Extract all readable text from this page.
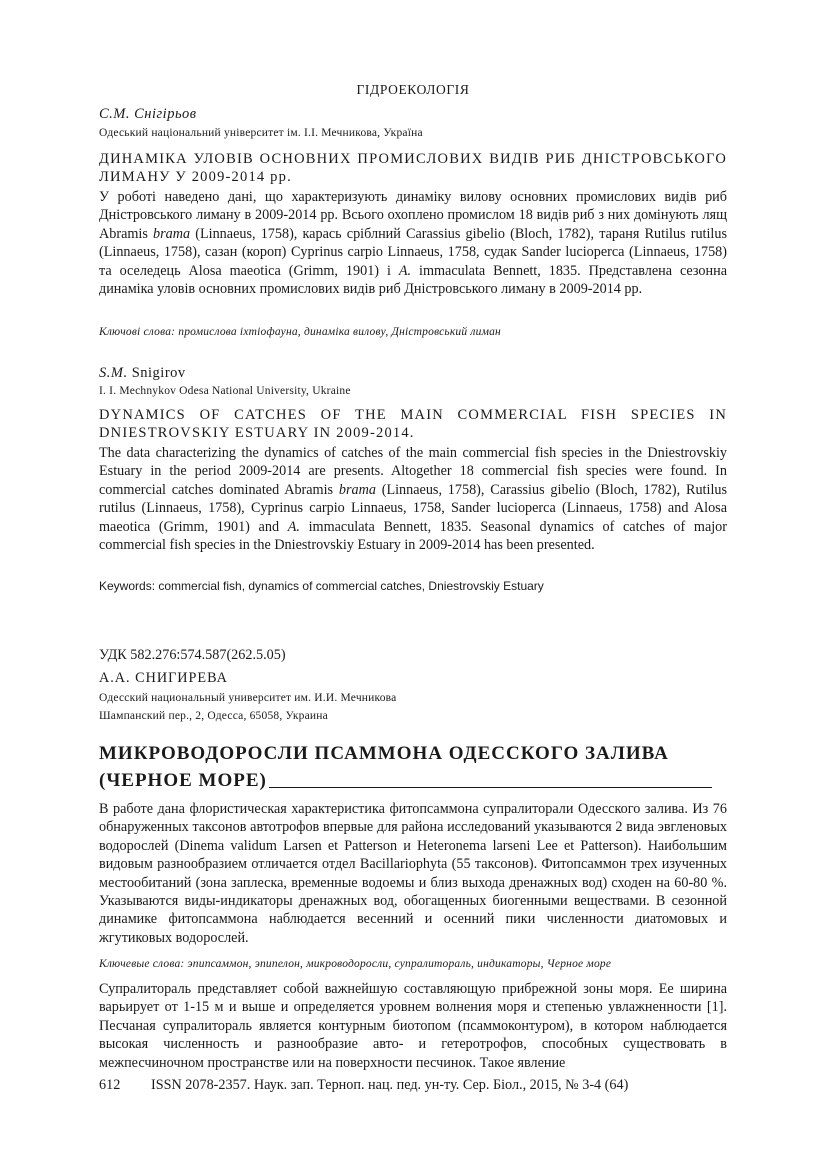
ГІДРОЕКОЛОГІЯ
С.М. Снігірьов
Одеський національний університет ім. І.І. Мечникова, Україна
ДИНАМІКА УЛОВІВ ОСНОВНИХ ПРОМИСЛОВИХ ВИДІВ РИБ ДНІСТРОВСЬКОГО ЛИМАНУ У 2009-2014 рр.
У роботі наведено дані, що характеризують динаміку вилову основних промислових видів риб Дністровського лиману в 2009-2014 рр. Всього охоплено промислом 18 видів риб з них домінують лящ Abramis brama (Linnaeus, 1758), карась сріблний Carassius gibelio (Bloch, 1782), тараня Rutilus rutilus (Linnaeus, 1758), сазан (короп) Cyprinus carpio Linnaeus, 1758, судак Sander lucioperca (Linnaeus, 1758) та оселедець Alosa maeotica (Grimm, 1901) і A. immaculata Bennett, 1835. Представлена сезонна динаміка уловів основних промислових видів риб Дністровського лиману в 2009-2014 рр.
Ключові слова: промислова іхтіофауна, динаміка вилову, Дністровський лиман
S.M. Snigirov
I. I. Mechnykov Odesa National University, Ukraine
DYNAMICS OF CATCHES OF THE MAIN COMMERCIAL FISH SPECIES IN DNIESTROVSKIY ESTUARY IN 2009-2014.
The data characterizing the dynamics of catches of the main commercial fish species in the Dniestrovskiy Estuary in the period 2009-2014 are presents. Altogether 18 commercial fish species were found. In commercial catches dominated Abramis brama (Linnaeus, 1758), Carassius gibelio (Bloch, 1782), Rutilus rutilus (Linnaeus, 1758), Cyprinus carpio Linnaeus, 1758, Sander lucioperca (Linnaeus, 1758) and Alosa maeotica (Grimm, 1901) and A. immaculata Bennett, 1835. Seasonal dynamics of catches of major commercial fish species in the Dniestrovskiy Estuary in 2009-2014 has been presented.
Keywords: commercial fish, dynamics of commercial catches, Dniestrovskiy Estuary
УДК 582.276:574.587(262.5.05)
А.А. СНИГИРЕВА
Одесский национальный университет им. И.И. Мечникова
Шампанский пер., 2, Одесса, 65058, Украина
МИКРОВОДОРОСЛИ ПСАММОНА ОДЕССКОГО ЗАЛИВА
(ЧЕРНОЕ МОРЕ)
В работе дана флористическая характеристика фитопсаммона супралиторали Одесского залива. Из 76 обнаруженных таксонов автотрофов впервые для района исследований указываются 2 вида эвгленовых водорослей (Dinema validum Larsen et Patterson и Heteronema larseni Lee et Patterson). Наибольшим видовым разнообразием отличается отдел Bacillariophyta (55 таксонов). Фитопсаммон трех изученных местообитаний (зона заплеска, временные водоемы и близ выхода дренажных вод) сходен на 60-80 %. Указываются виды-индикаторы дренажных вод, обогащенных биогенными веществами. В сезонной динамике фитопсаммона наблюдается весенний и осенний пики численности диатомовых и жгутиковых водорослей.
Ключевые слова: эпипсаммон, эпипелон, микроводоросли, супралитораль, индикаторы, Черное море
Супралитораль представляет собой важнейшую составляющую прибрежной зоны моря. Ее ширина варьирует от 1-15 м и выше и определяется уровнем волнения моря и степенью увлажненности [1]. Песчаная супралитораль является контурным биотопом (псаммоконтуром), в котором наблюдается высокая численность и разнообразие авто- и гетеротрофов, способных существовать в межпесчиночном пространстве или на поверхности песчинок. Такое явление
612 ISSN 2078-2357. Наук. зап. Терноп. нац. пед. ун-ту. Сер. Біол., 2015, № 3-4 (64)
